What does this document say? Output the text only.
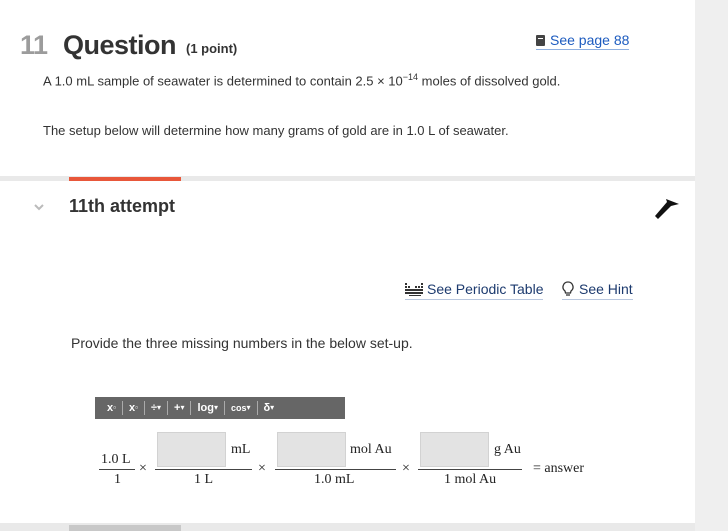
11 Question (1 point)
See page 88
A 1.0 mL sample of seawater is determined to contain $2.5 \times 10^{-14}$ moles of dissolved gold.
The setup below will determine how many grams of gold are in 1.0 L of seawater.
11th attempt
See Periodic Table	See Hint
Provide the three missing numbers in the below set-up.
x ▫ x ▫ ÷ ▾ + ▾ log ▾ cos ▾ δ ▾
1.0 L
1
×
mL
1 L
×
mol Au
1.0 mL
×
g Au
1 mol Au
= answer
